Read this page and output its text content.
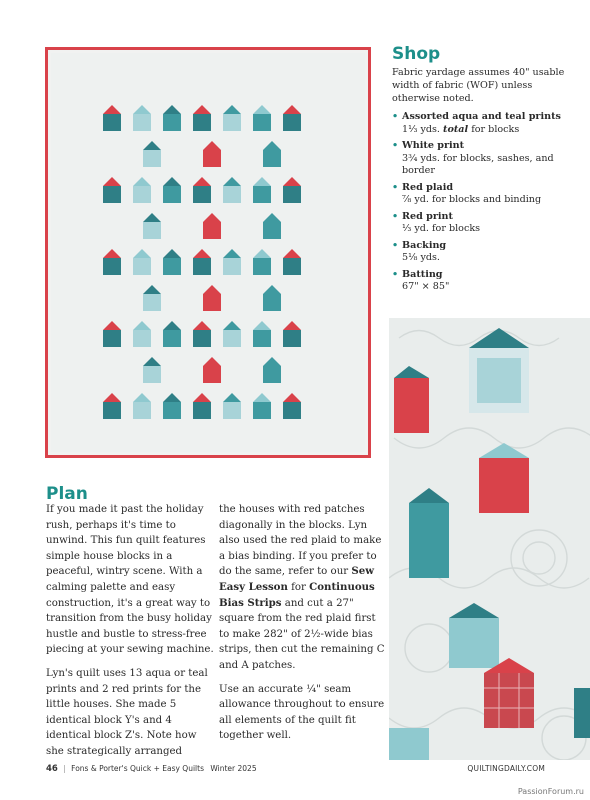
Shop

Fabric yardage assumes 40" usable width of fabric (WOF) unless otherwise noted.

• Assorted aqua and teal prints
1⅓ yds. total for blocks
• White print
3¾ yds. for blocks, sashes, and border
• Red plaid
⅞ yd. for blocks and binding
• Red print
⅓ yd. for blocks
• Backing
5⅛ yds.
• Batting
67" × 85"
Plan

If you made it past the holiday rush, perhaps it's time to unwind. This fun quilt features simple house blocks in a peaceful, wintry scene. With a calming palette and easy construction, it's a great way to transition from the busy holiday hustle and bustle to stress-free piecing at your sewing machine.

Lyn's quilt uses 13 aqua or teal prints and 2 red prints for the little houses. She made 5 identical block Y's and 4 identical block Z's. Note how she strategically arranged

the houses with red patches diagonally in the blocks. Lyn also used the red plaid to make a bias binding. If you prefer to do the same, refer to our Sew Easy Lesson for Continuous Bias Strips and cut a 27" square from the red plaid first to make 282" of 2½-wide bias strips, then cut the remaining C and A patches.

Use an accurate ¼" seam allowance throughout to ensure all elements of the quilt fit together well.

46 | Fons & Porter's Quick + Easy Quilts Winter 2025	QUILTINGDAILY.COM
PassionForum.ru
